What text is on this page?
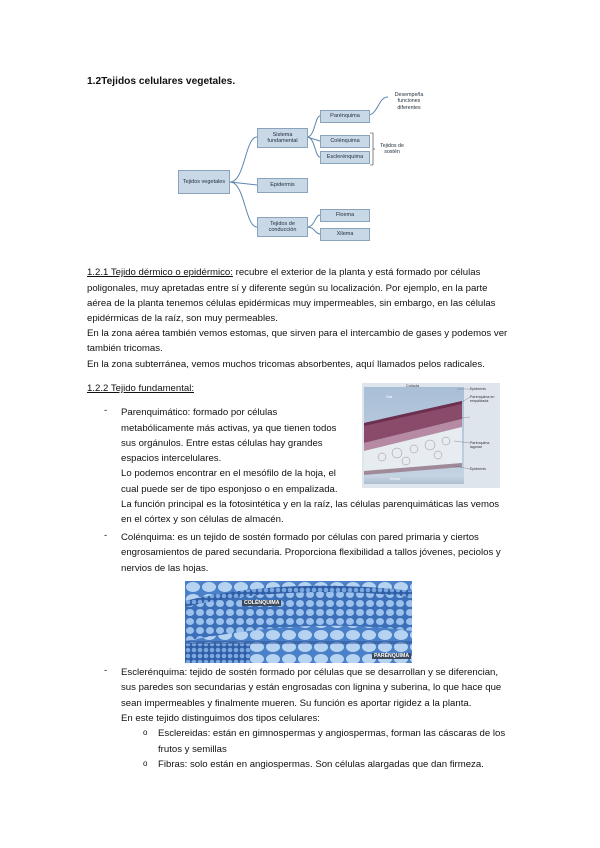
1.2Tejidos celulares vegetales.
Tejidos vegetales
Sistema fundamental
Epidermis
Tejidos de conducción
Parénquima
Colénquima
Esclerénquima
Floema
Xilema
Desempeña funciones diferentes
Tejidos de sostén
1.2.1 Tejido dérmico o epidérmico: recubre el exterior de la planta y está formado por células
poligonales, muy apretadas entre sí y diferente según su localización. Por ejemplo, en la parte
aérea de la planta tenemos células epidérmicas muy impermeables, sin embargo, en las células
epidérmicas de la raíz, son muy permeables.
En la zona aérea también vemos estomas, que sirven para el intercambio de gases y podemos ver
también tricomas.
En la zona subterránea, vemos muchos tricomas absorbentes, aquí llamados pelos radicales.
1.2.2 Tejido fundamental:	Cutícula
Epidermis
Parénquima en empalizada
Parénquima lagunar
Epidermis
Haz
Envés
- Parenquimático: formado por células
metabólicamente más activas, ya que tienen todos
sus orgánulos. Entre estas células hay grandes
espacios intercelulares.
Lo podemos encontrar en el mesófilo de la hoja, el
cual puede ser de tipo esponjoso o en empalizada.
La función principal es la fotosintética y en la raíz, las células parenquimáticas las vemos
en el córtex y son células de almacén.
- Colénquima: es un tejido de sostén formado por células con pared primaria y ciertos
engrosamientos de pared secundaria. Proporciona flexibilidad a tallos jóvenes, peciolos y
nervios de las hojas.
COLÉNQUIMA
PARÉNQUIMA
- Esclerénquima: tejido de sostén formado por células que se desarrollan y se diferencian,
sus paredes son secundarias y están engrosadas con lignina y suberina, lo que hace que
sean impermeables y finalmente mueren. Su función es aportar rigidez a la planta.
En este tejido distinguimos dos tipos celulares:
o Esclereidas: están en gimnospermas y angiospermas, forman las cáscaras de los
frutos y semillas
o Fibras: solo están en angiospermas. Son células alargadas que dan firmeza.
